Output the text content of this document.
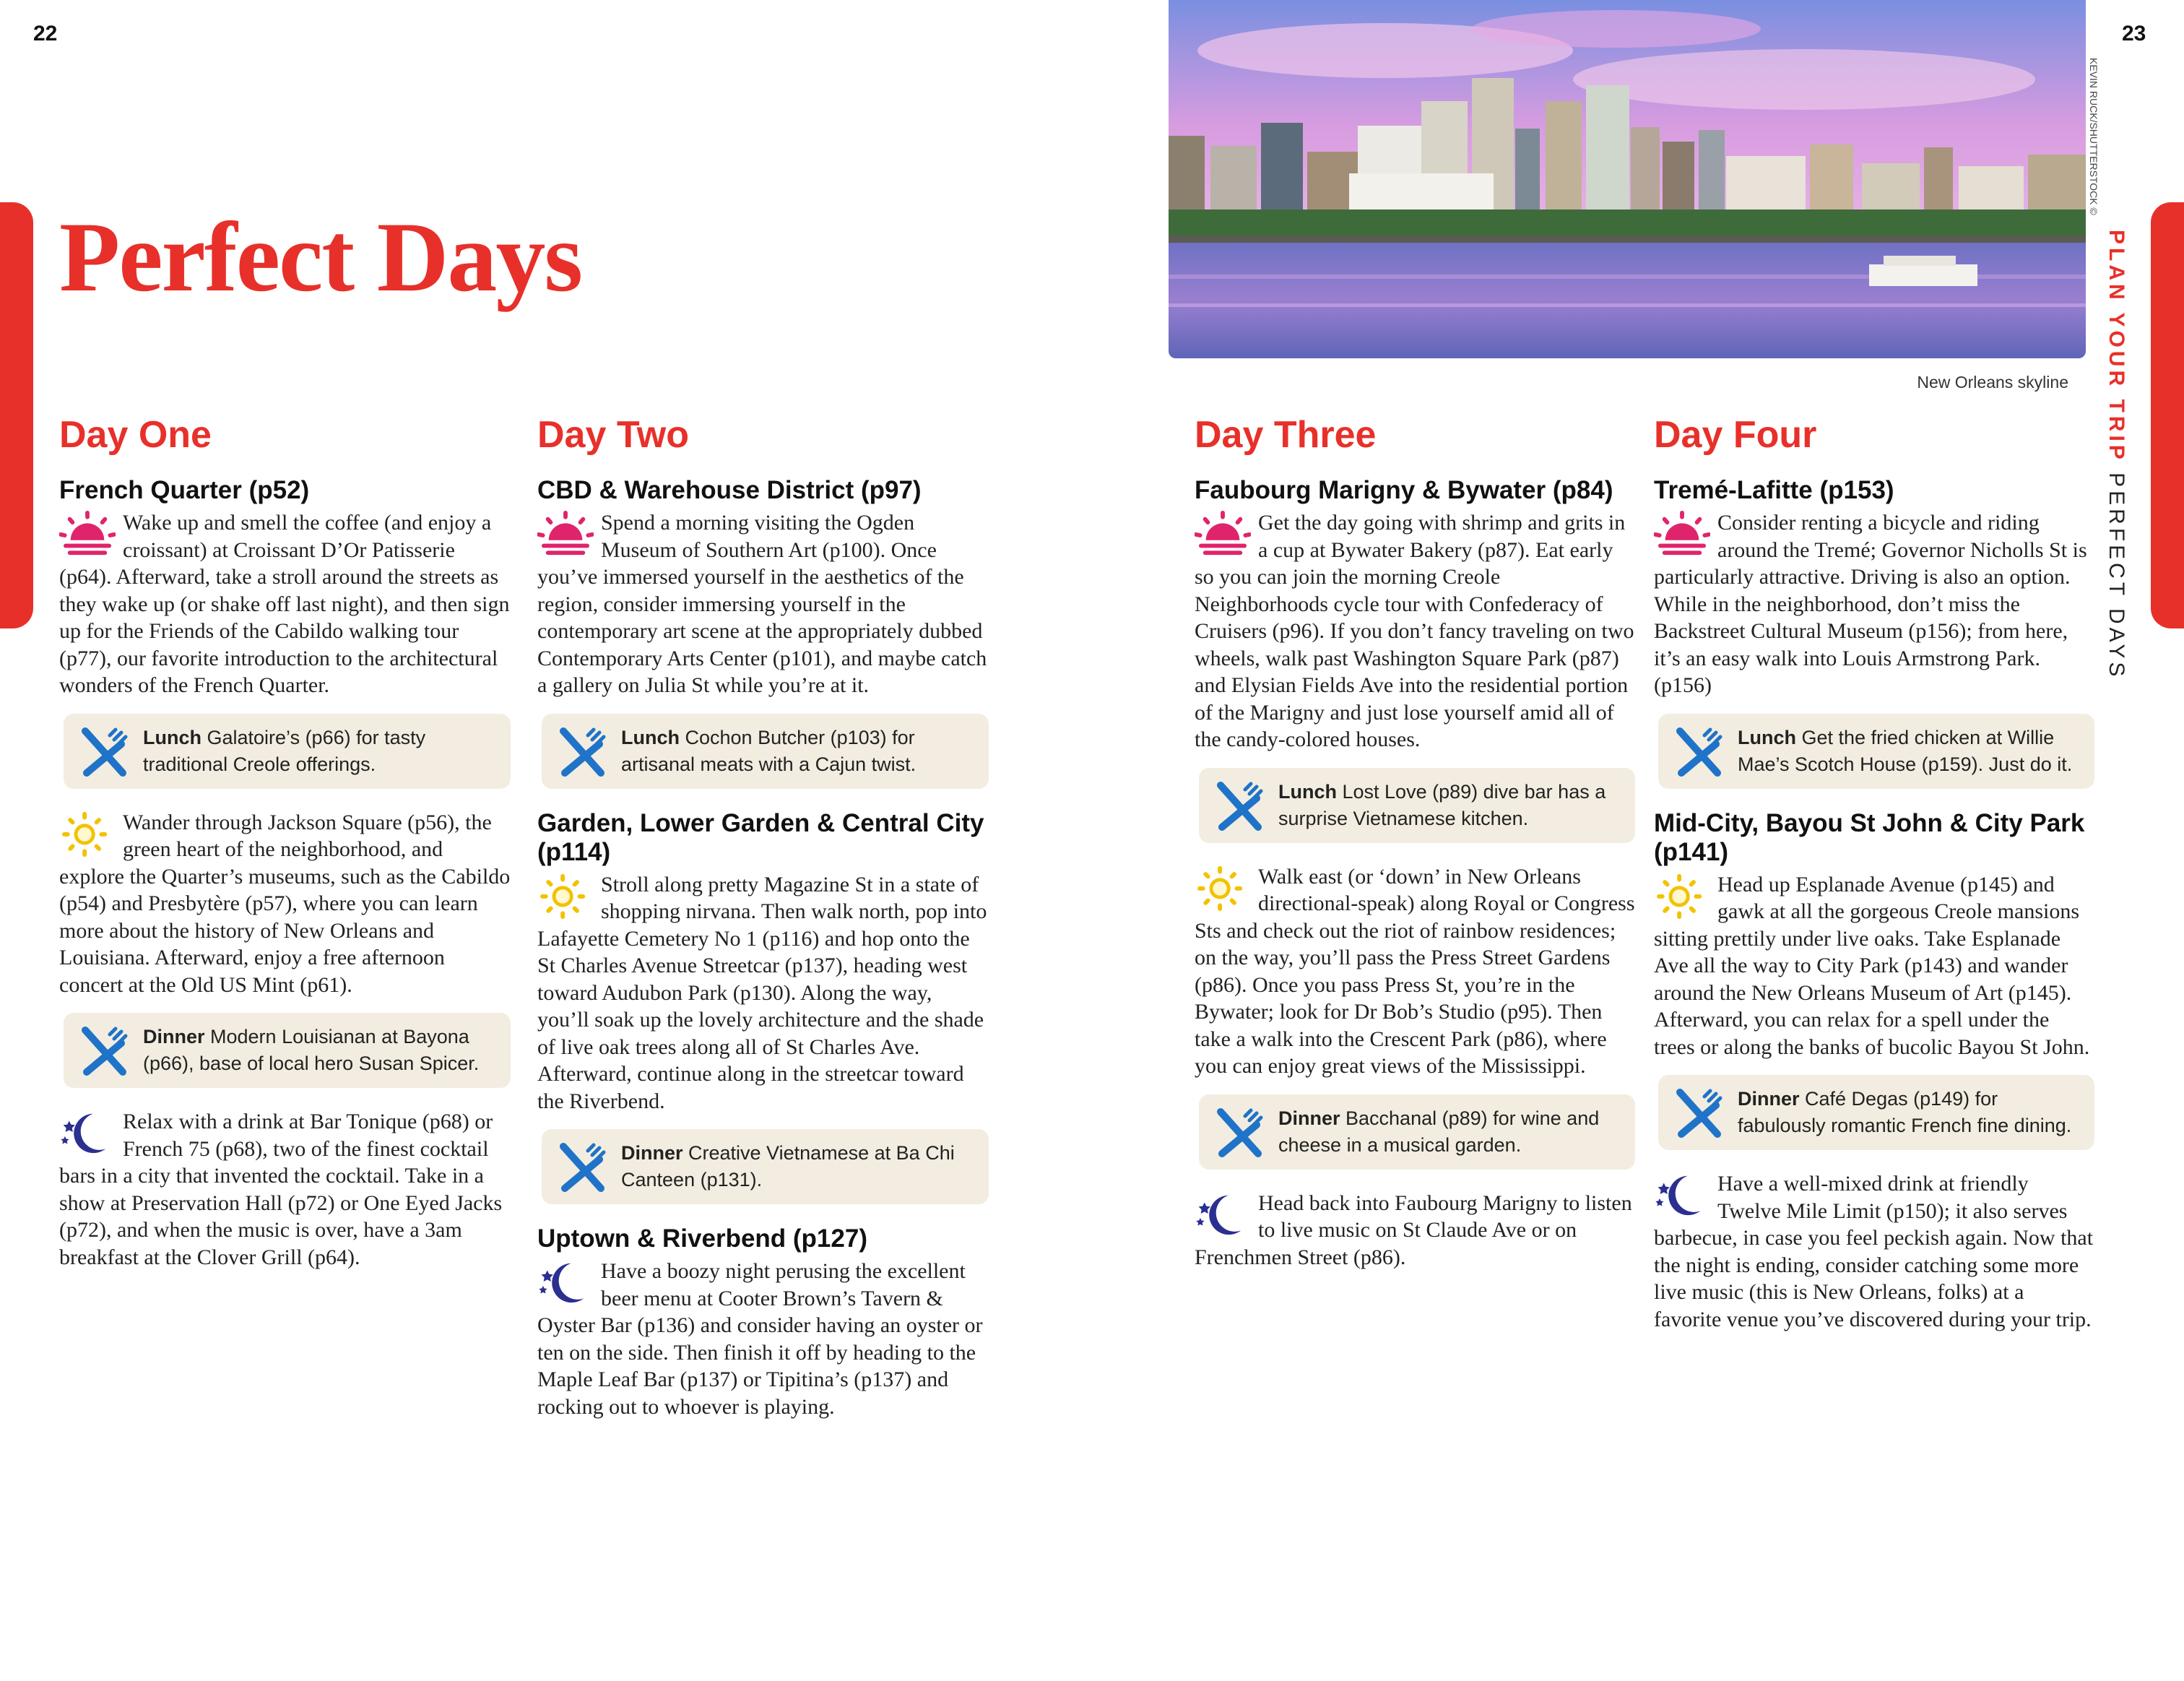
22	23
PLAN YOUR TRIP PERFECT DAYS
KEVIN RUCK/SHUTTERSTOCK ©
Perfect Days
New Orleans skyline
Day One
French Quarter (p52)

Wake up and smell the coffee (and enjoy a croissant) at Croissant D’Or Patisserie (p64). Afterward, take a stroll around the streets as they wake up (or shake off last night), and then sign up for the Friends of the Cabildo walking tour (p77), our favorite introduction to the architectural wonders of the French Quarter.

Lunch Galatoire’s (p66) for tasty traditional Creole offerings.

Wander through Jackson Square (p56), the green heart of the neighborhood, and explore the Quarter’s museums, such as the Cabildo (p54) and Presbytère (p57), where you can learn more about the history of New Orleans and Louisiana. Afterward, enjoy a free afternoon concert at the Old US Mint (p61).

Dinner Modern Louisianan at Bayona (p66), base of local hero Susan Spicer.

Relax with a drink at Bar Tonique (p68) or French 75 (p68), two of the finest cocktail bars in a city that invented the cocktail. Take in a show at Preservation Hall (p72) or One Eyed Jacks (p72), and when the music is over, have a 3am breakfast at the Clover Grill (p64).

Day Two
CBD & Warehouse District (p97)

Spend a morning visiting the Ogden Museum of Southern Art (p100). Once you’ve immersed yourself in the aesthetics of the region, consider immersing yourself in the contemporary art scene at the appropriately dubbed Contemporary Arts Center (p101), and maybe catch a gallery on Julia St while you’re at it.

Lunch Cochon Butcher (p103) for artisanal meats with a Cajun twist.
Garden, Lower Garden & Central City (p114)

Stroll along pretty Magazine St in a state of shopping nirvana. Then walk north, pop into Lafayette Cemetery No 1 (p116) and hop onto the St Charles Avenue Streetcar (p137), heading west toward Audubon Park (p130). Along the way, you’ll soak up the lovely architecture and the shade of live oak trees along all of St Charles Ave. Afterward, continue along in the streetcar toward the Riverbend.

Dinner Creative Vietnamese at Ba Chi Canteen (p131).
Uptown & Riverbend (p127)

Have a boozy night perusing the excellent beer menu at Cooter Brown’s Tavern & Oyster Bar (p136) and consider having an oyster or ten on the side. Then finish it off by heading to the Maple Leaf Bar (p137) or Tipitina’s (p137) and rocking out to whoever is playing.

Day Three
Faubourg Marigny & Bywater (p84)

Get the day going with shrimp and grits in a cup at Bywater Bakery (p87). Eat early so you can join the morning Creole Neighborhoods cycle tour with Confederacy of Cruisers (p96). If you don’t fancy traveling on two wheels, walk past Washington Square Park (p87) and Elysian Fields Ave into the residential portion of the Marigny and just lose yourself amid all of the candy-colored houses.

Lunch Lost Love (p89) dive bar has a surprise Vietnamese kitchen.

Walk east (or ‘down’ in New Orleans directional-speak) along Royal or Congress Sts and check out the riot of rainbow residences; on the way, you’ll pass the Press Street Gardens (p86). Once you pass Press St, you’re in the Bywater; look for Dr Bob’s Studio (p95). Then take a walk into the Crescent Park (p86), where you can enjoy great views of the Mississippi.

Dinner Bacchanal (p89) for wine and cheese in a musical garden.

Head back into Faubourg Marigny to listen to live music on St Claude Ave or on Frenchmen Street (p86).

Day Four
Tremé-Lafitte (p153)

Consider renting a bicycle and riding around the Tremé; Governor Nicholls St is particularly attractive. Driving is also an option. While in the neighborhood, don’t miss the Backstreet Cultural Museum (p156); from here, it’s an easy walk into Louis Armstrong Park. (p156)

Lunch Get the fried chicken at Willie Mae’s Scotch House (p159). Just do it.
Mid-City, Bayou St John & City Park (p141)

Head up Esplanade Avenue (p145) and gawk at all the gorgeous Creole mansions sitting prettily under live oaks. Take Esplanade Ave all the way to City Park (p143) and wander around the New Orleans Museum of Art (p145). Afterward, you can relax for a spell under the trees or along the banks of bucolic Bayou St John.

Dinner Café Degas (p149) for fabulously romantic French fine dining.

Have a well-mixed drink at friendly Twelve Mile Limit (p150); it also serves barbecue, in case you feel peckish again. Now that the night is ending, consider catching some more live music (this is New Orleans, folks) at a favorite venue you’ve discovered during your trip.
